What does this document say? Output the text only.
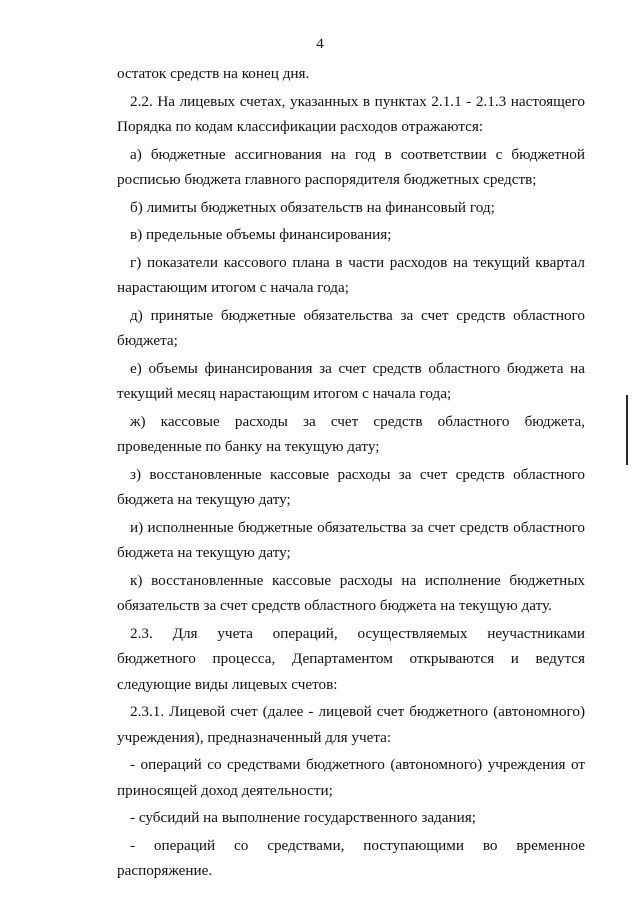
4

остаток средств на конец дня.

2.2. На лицевых счетах, указанных в пунктах 2.1.1 - 2.1.3 настоящего Порядка по кодам классификации расходов отражаются:

а) бюджетные ассигнования на год в соответствии с бюджетной росписью бюджета главного распорядителя бюджетных средств;

б) лимиты бюджетных обязательств на финансовый год;

в) предельные объемы финансирования;

г) показатели кассового плана в части расходов на текущий квартал нарастающим итогом с начала года;

д) принятые бюджетные обязательства за счет средств областного бюджета;

е) объемы финансирования за счет средств областного бюджета на текущий месяц нарастающим итогом с начала года;

ж) кассовые расходы за счет средств областного бюджета, проведенные по банку на текущую дату;

з) восстановленные кассовые расходы за счет средств областного бюджета на текущую дату;

и) исполненные бюджетные обязательства за счет средств областного бюджета на текущую дату;

к) восстановленные кассовые расходы на исполнение бюджетных обязательств за счет средств областного бюджета на текущую дату.

2.3. Для учета операций, осуществляемых неучастниками бюджетного процесса, Департаментом открываются и ведутся следующие виды лицевых счетов:

2.3.1. Лицевой счет (далее - лицевой счет бюджетного (автономного) учреждения), предназначенный для учета:

- операций со средствами бюджетного (автономного) учреждения от приносящей доход деятельности;

- субсидий на выполнение государственного задания;

- операций со средствами, поступающими во временное распоряжение.
